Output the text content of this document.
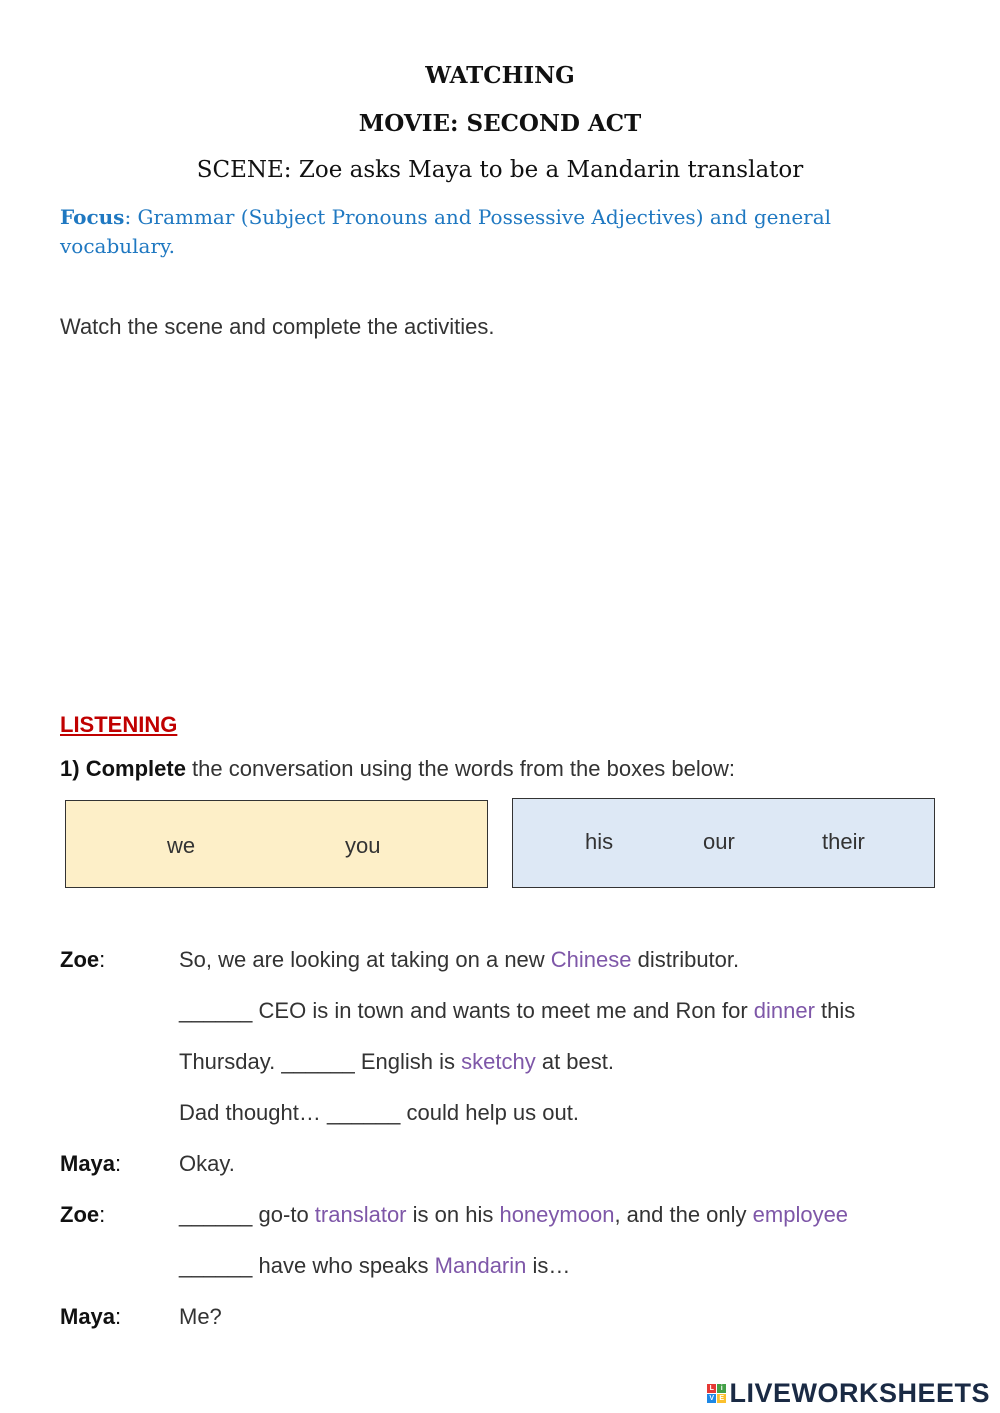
WATCHING
MOVIE: SECOND ACT
SCENE: Zoe asks Maya to be a Mandarin translator
Focus: Grammar (Subject Pronouns and Possessive Adjectives) and general vocabulary.
Watch the scene and complete the activities.
LISTENING
1) Complete the conversation using the words from the boxes below:
we	you	his	our	their
Zoe:	So, we are looking at taking on a new Chinese distributor.
______ CEO is in town and wants to meet me and Ron for dinner this
Thursday. ______ English is sketchy at best.
Dad thought… ______ could help us out.
Maya:	Okay.
Zoe:	______ go-to translator is on his honeymoon, and the only employee
______ have who speaks Mandarin is…
Maya:	Me?
L i
V E LIVEWORKSHEETS
